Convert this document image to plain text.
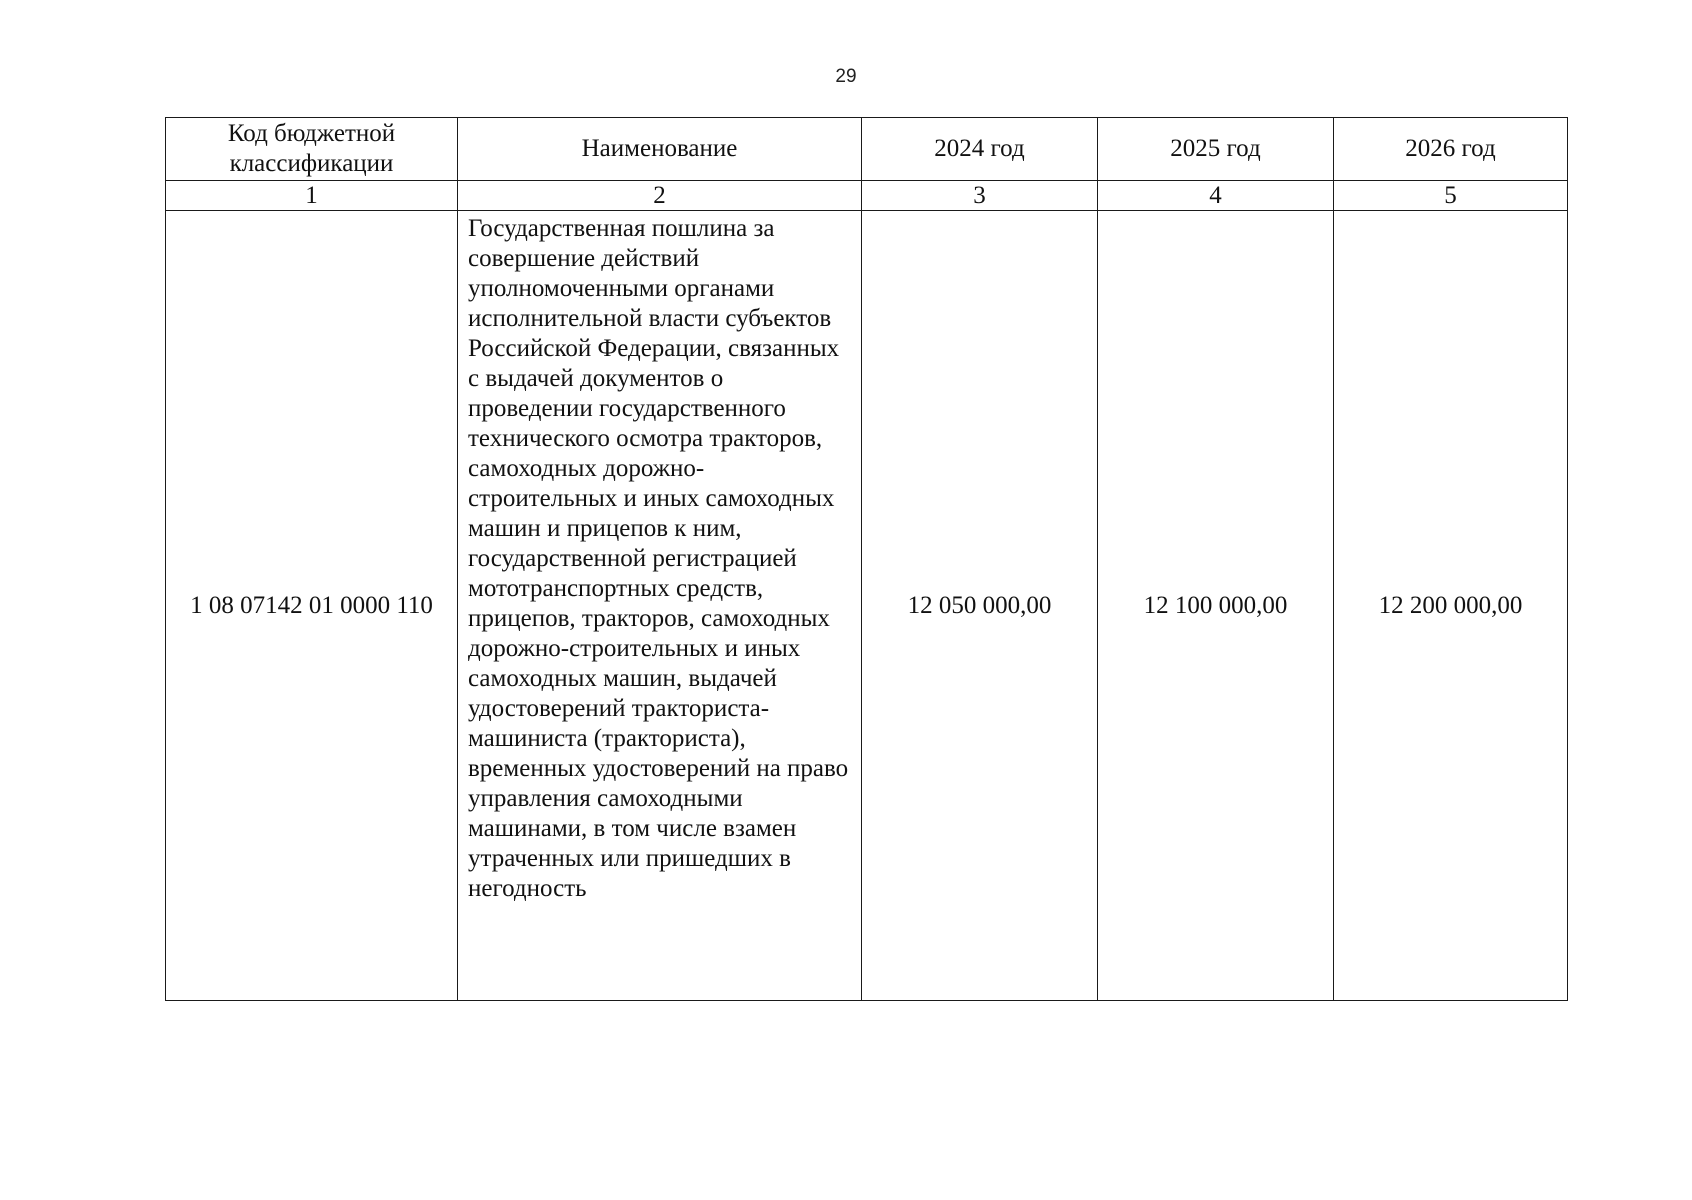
29
Код бюджетной классификации	Наименование	2024 год	2025 год	2026 год
1	2	3	4	5
1 08 07142 01 0000 110	Государственная пошлина за совершение действий уполномоченными органами исполнительной власти субъектов Российской Федерации, связанных с выдачей документов о проведении государственного технического осмотра тракторов, самоходных дорожно-строительных и иных самоходных машин и прицепов к ним, государственной регистрацией мототранспортных средств, прицепов, тракторов, самоходных дорожно-строительных и иных самоходных машин, выдачей удостоверений тракториста-машиниста (тракториста), временных удостоверений на право управления самоходными машинами, в том числе взамен утраченных или пришедших в негодность	12 050 000,00	12 100 000,00	12 200 000,00
